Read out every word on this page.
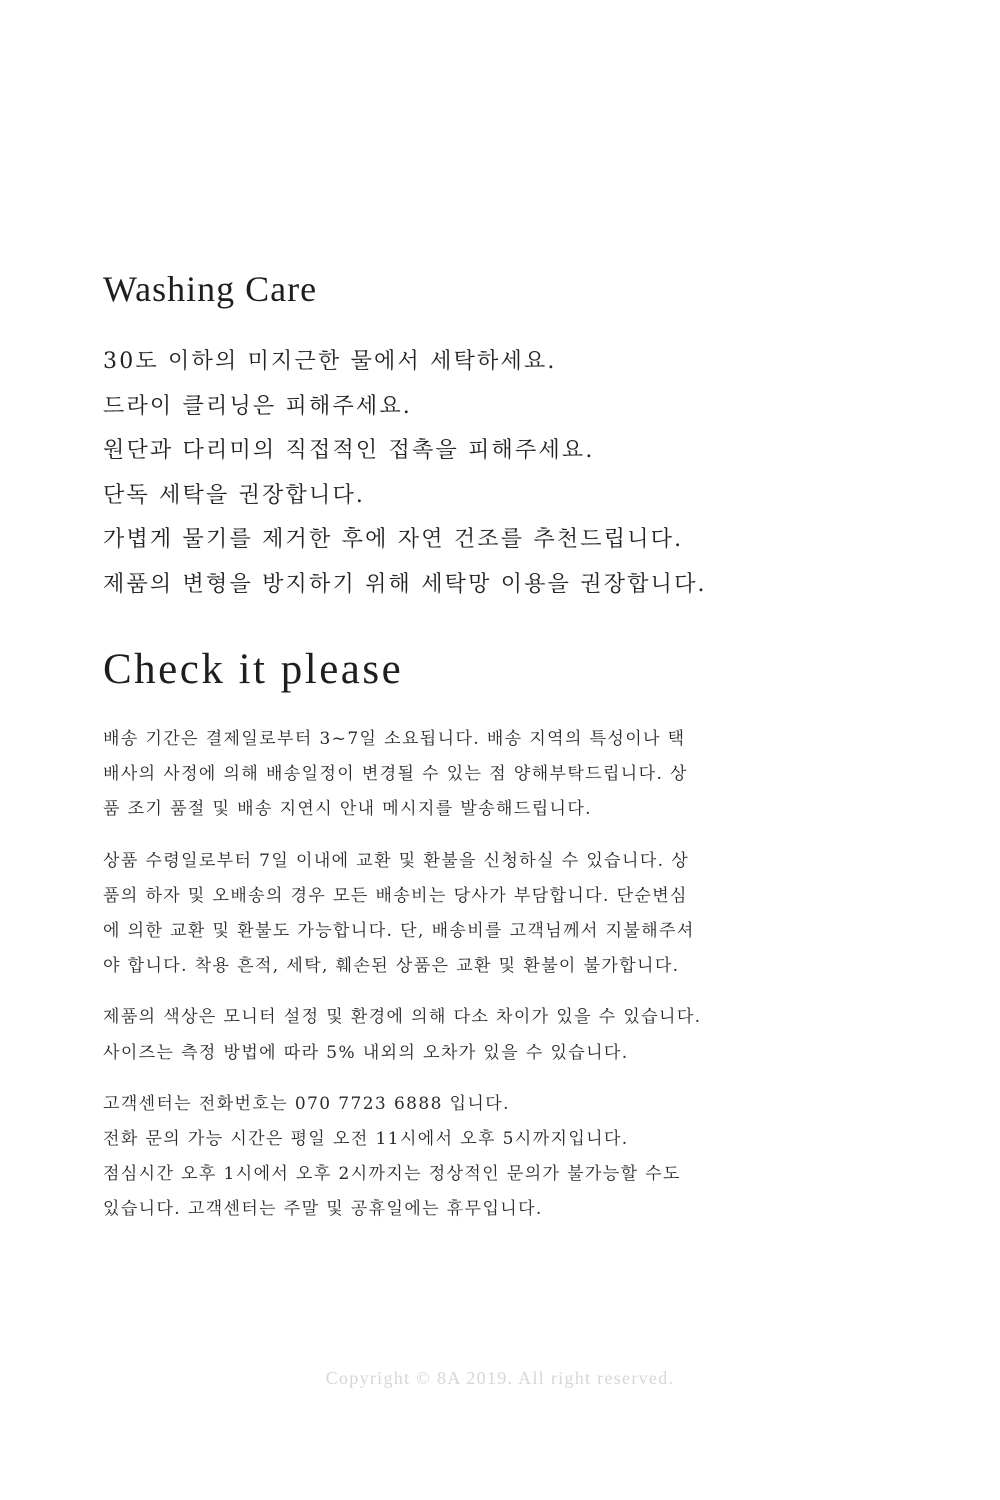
Washing Care
30도 이하의 미지근한 물에서 세탁하세요.
드라이 클리닝은 피해주세요.
원단과 다리미의 직접적인 접촉을 피해주세요.
단독 세탁을 권장합니다.
가볍게 물기를 제거한 후에 자연 건조를 추천드립니다.
제품의 변형을 방지하기 위해 세탁망 이용을 권장합니다.
Check it please

배송 기간은 결제일로부터 3~7일 소요됩니다. 배송 지역의 특성이나 택
배사의 사정에 의해 배송일정이 변경될 수 있는 점 양해부탁드립니다. 상
품 조기 품절 및 배송 지연시 안내 메시지를 발송해드립니다.

상품 수령일로부터 7일 이내에 교환 및 환불을 신청하실 수 있습니다. 상
품의 하자 및 오배송의 경우 모든 배송비는 당사가 부담합니다. 단순변심
에 의한 교환 및 환불도 가능합니다. 단, 배송비를 고객님께서 지불해주셔
야 합니다. 착용 흔적, 세탁, 훼손된 상품은 교환 및 환불이 불가합니다.

제품의 색상은 모니터 설정 및 환경에 의해 다소 차이가 있을 수 있습니다.
사이즈는 측정 방법에 따라 5% 내외의 오차가 있을 수 있습니다.

고객센터는 전화번호는 070 7723 6888 입니다.
전화 문의 가능 시간은 평일 오전 11시에서 오후 5시까지입니다.
점심시간 오후 1시에서 오후 2시까지는 정상적인 문의가 불가능할 수도
있습니다. 고객센터는 주말 및 공휴일에는 휴무입니다.

Copyright © 8A 2019. All right reserved.
